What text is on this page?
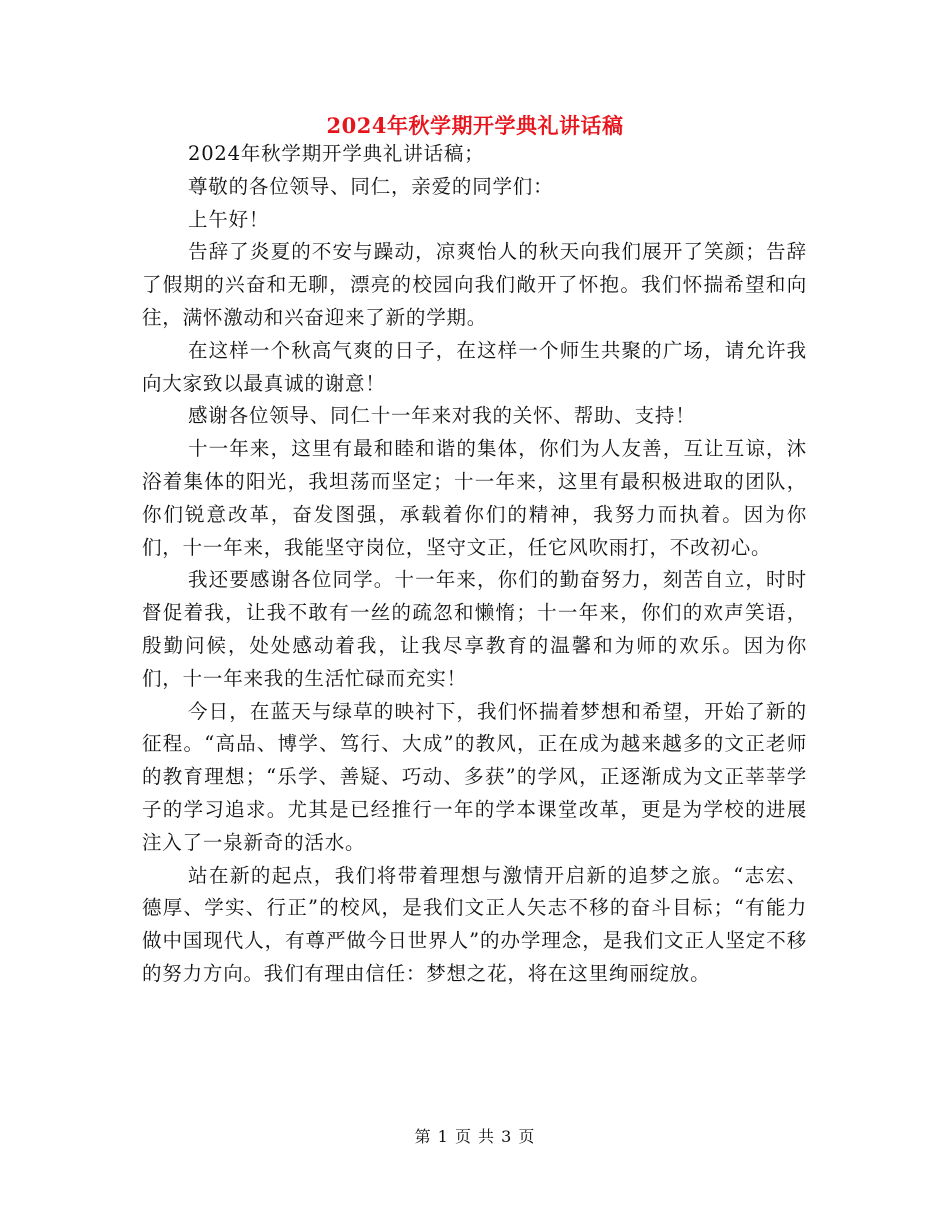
2024年秋学期开学典礼讲话稿

2024年秋学期开学典礼讲话稿；

尊敬的各位领导、同仁，亲爱的同学们：

上午好！

告辞了炎夏的不安与躁动，凉爽怡人的秋天向我们展开了笑颜；告辞了假期的兴奋和无聊，漂亮的校园向我们敞开了怀抱。我们怀揣希望和向往，满怀激动和兴奋迎来了新的学期。

在这样一个秋高气爽的日子，在这样一个师生共聚的广场，请允许我向大家致以最真诚的谢意！

感谢各位领导、同仁十一年来对我的关怀、帮助、支持！

十一年来，这里有最和睦和谐的集体，你们为人友善，互让互谅，沐浴着集体的阳光，我坦荡而坚定；十一年来，这里有最积极进取的团队，你们锐意改革，奋发图强，承载着你们的精神，我努力而执着。因为你们，十一年来，我能坚守岗位，坚守文正，任它风吹雨打，不改初心。

我还要感谢各位同学。十一年来，你们的勤奋努力，刻苦自立，时时督促着我，让我不敢有一丝的疏忽和懒惰；十一年来，你们的欢声笑语，殷勤问候，处处感动着我，让我尽享教育的温馨和为师的欢乐。因为你们，十一年来我的生活忙碌而充实！

今日，在蓝天与绿草的映衬下，我们怀揣着梦想和希望，开始了新的征程。“高品、博学、笃行、大成”的教风，正在成为越来越多的文正老师的教育理想；“乐学、善疑、巧动、多获”的学风，正逐渐成为文正莘莘学子的学习追求。尤其是已经推行一年的学本课堂改革，更是为学校的进展注入了一泉新奇的活水。

站在新的起点，我们将带着理想与激情开启新的追梦之旅。“志宏、德厚、学实、行正”的校风，是我们文正人矢志不移的奋斗目标；“有能力做中国现代人，有尊严做今日世界人”的办学理念，是我们文正人坚定不移的努力方向。我们有理由信任：梦想之花，将在这里绚丽绽放。

第 1 页 共 3 页
